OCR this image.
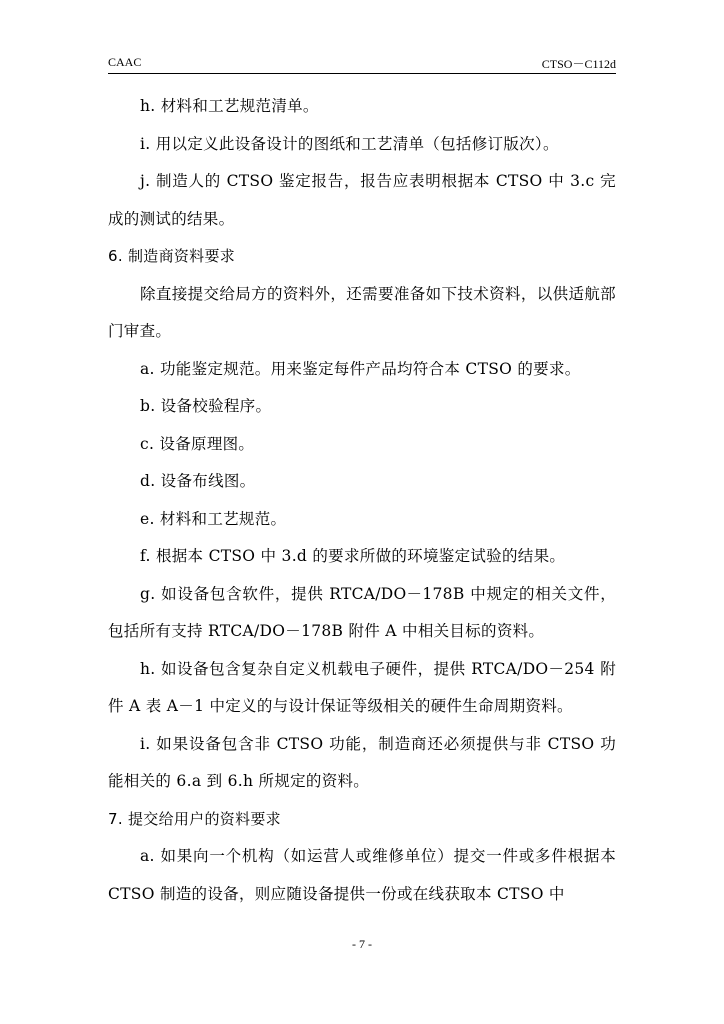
CAAC	CTSO－C112d

h. 材料和工艺规范清单。

i. 用以定义此设备设计的图纸和工艺清单（包括修订版次）。

j. 制造人的 CTSO 鉴定报告，报告应表明根据本 CTSO 中 3.c 完成的测试的结果。

6. 制造商资料要求

除直接提交给局方的资料外，还需要准备如下技术资料，以供适航部门审查。

a. 功能鉴定规范。用来鉴定每件产品均符合本 CTSO 的要求。

b. 设备校验程序。

c. 设备原理图。

d. 设备布线图。

e. 材料和工艺规范。

f. 根据本 CTSO 中 3.d 的要求所做的环境鉴定试验的结果。

g. 如设备包含软件，提供 RTCA/DO－178B 中规定的相关文件，包括所有支持 RTCA/DO－178B 附件 A 中相关目标的资料。

h. 如设备包含复杂自定义机载电子硬件，提供 RTCA/DO－254 附件 A 表 A－1 中定义的与设计保证等级相关的硬件生命周期资料。

i. 如果设备包含非 CTSO 功能，制造商还必须提供与非 CTSO 功能相关的 6.a 到 6.h 所规定的资料。

7. 提交给用户的资料要求

a. 如果向一个机构（如运营人或维修单位）提交一件或多件根据本 CTSO 制造的设备，则应随设备提供一份或在线获取本 CTSO 中

- 7 -
